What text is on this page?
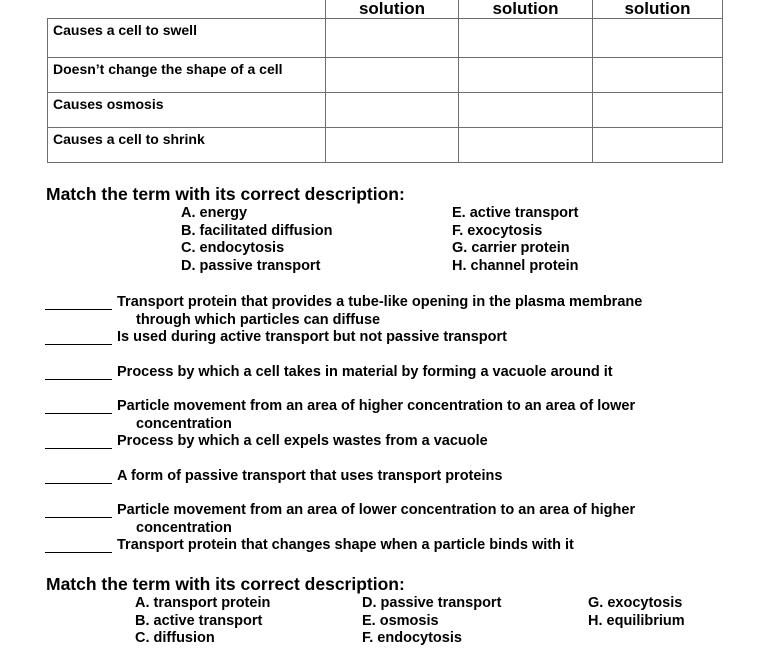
	solution	solution	solution
Causes a cell to swell			
Doesn’t change the shape of a cell			
Causes osmosis			
Causes a cell to shrink			
Match the term with its correct description:
A. energy
B. facilitated diffusion
C. endocytosis
D. passive transport
E. active transport
F. exocytosis
G. carrier protein
H. channel protein
Transport protein that provides a tube-like opening in the plasma membrane
through which particles can diffuse
Is used during active transport but not passive transport
Process by which a cell takes in material by forming a vacuole around it
Particle movement from an area of higher concentration to an area of lower
concentration
Process by which a cell expels wastes from a vacuole
A form of passive transport that uses transport proteins
Particle movement from an area of lower concentration to an area of higher
concentration
Transport protein that changes shape when a particle binds with it
Match the term with its correct description:
A. transport protein
B. active transport
C. diffusion
D. passive transport
E. osmosis
F. endocytosis
G. exocytosis
H. equilibrium
